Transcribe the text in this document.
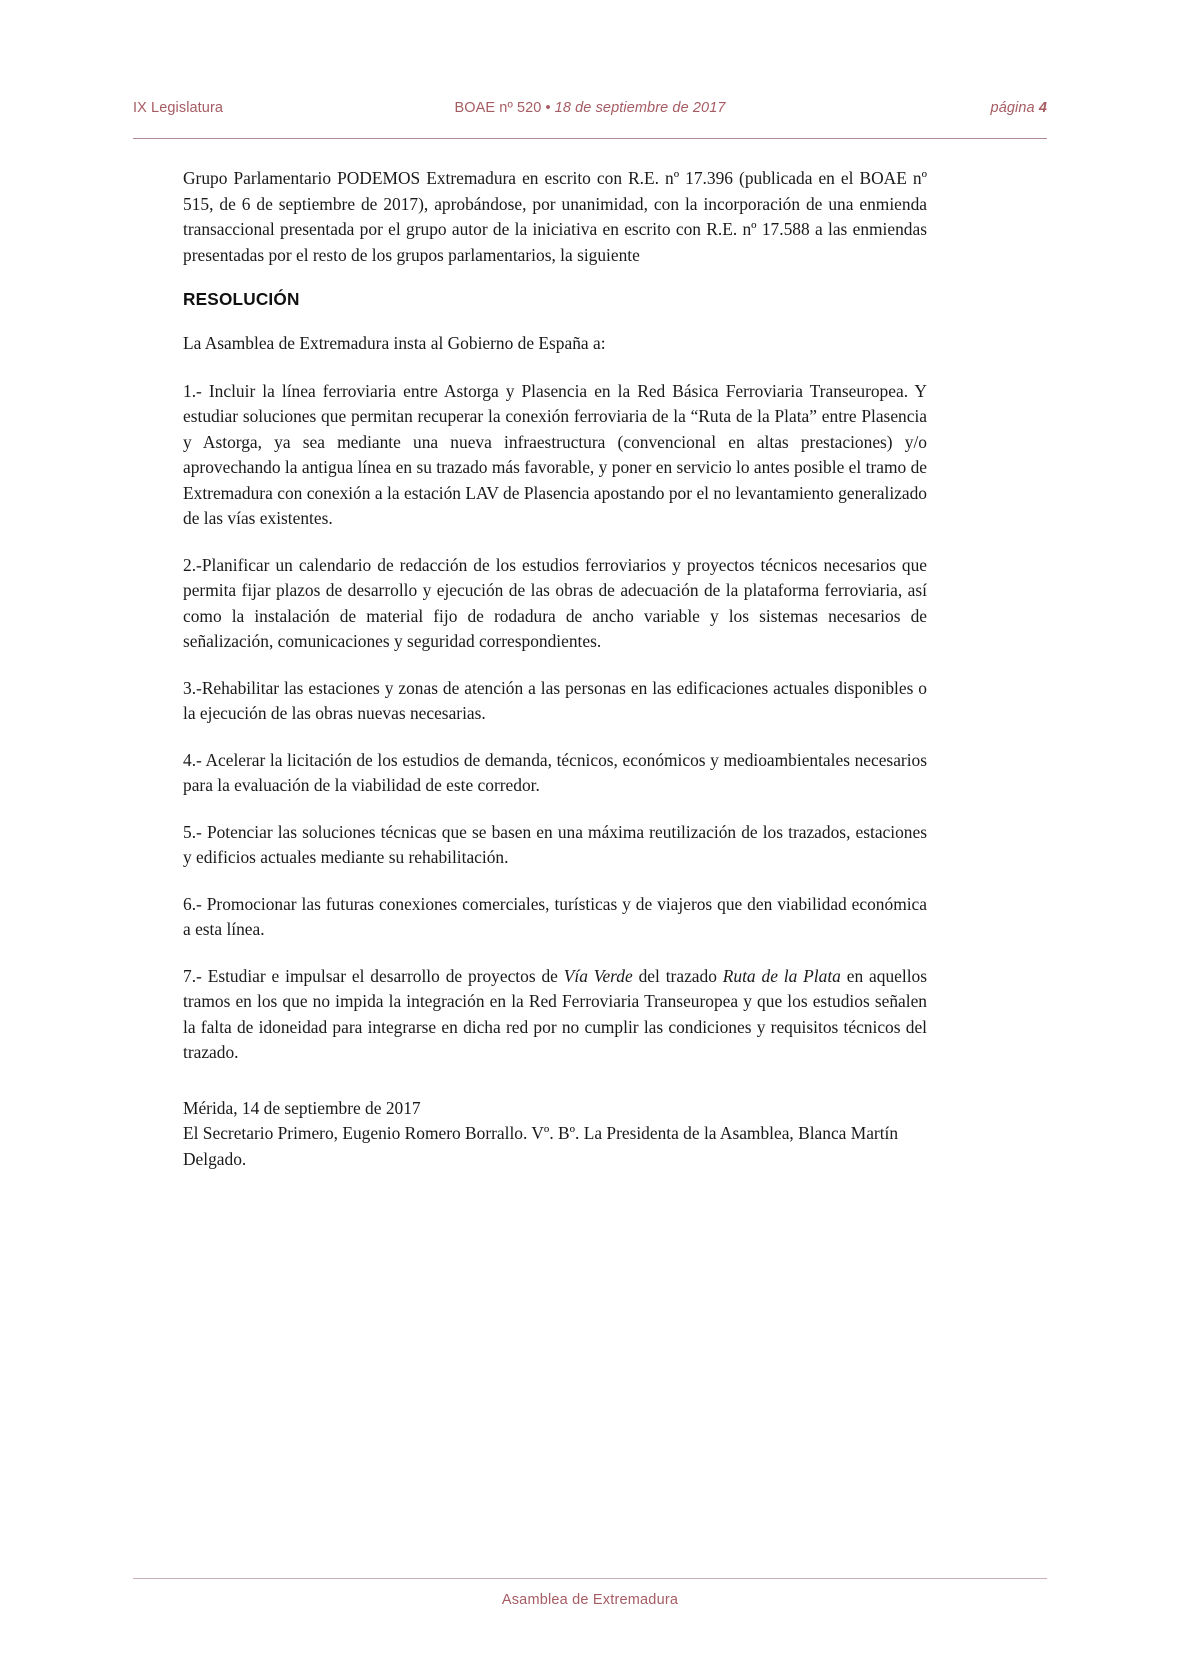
IX Legislatura	BOAE nº 520 • 18 de septiembre de 2017	página 4

Grupo Parlamentario PODEMOS Extremadura en escrito con R.E. nº 17.396 (publicada en el BOAE nº 515, de 6 de septiembre de 2017), aprobándose, por unanimidad, con la incorporación de una enmienda transaccional presentada por el grupo autor de la iniciativa en escrito con R.E. nº 17.588 a las enmiendas presentadas por el resto de los grupos parlamentarios, la siguiente

RESOLUCIÓN

La Asamblea de Extremadura insta al Gobierno de España a:

1.- Incluir la línea ferroviaria entre Astorga y Plasencia en la Red Básica Ferroviaria Transeuropea. Y estudiar soluciones que permitan recuperar la conexión ferroviaria de la “Ruta de la Plata” entre Plasencia y Astorga, ya sea mediante una nueva infraestructura (convencional en altas prestaciones) y/o aprovechando la antigua línea en su trazado más favorable, y poner en servicio lo antes posible el tramo de Extremadura con conexión a la estación LAV de Plasencia apostando por el no levantamiento generalizado de las vías existentes.

2.-Planificar un calendario de redacción de los estudios ferroviarios y proyectos técnicos necesarios que permita fijar plazos de desarrollo y ejecución de las obras de adecuación de la plataforma ferroviaria, así como la instalación de material fijo de rodadura de ancho variable y los sistemas necesarios de señalización, comunicaciones y seguridad correspondientes.

3.-Rehabilitar las estaciones y zonas de atención a las personas en las edificaciones actuales disponibles o la ejecución de las obras nuevas necesarias.

4.- Acelerar la licitación de los estudios de demanda, técnicos, económicos y medioambientales necesarios para la evaluación de la viabilidad de este corredor.

5.- Potenciar las soluciones técnicas que se basen en una máxima reutilización de los trazados, estaciones y edificios actuales mediante su rehabilitación.

6.- Promocionar las futuras conexiones comerciales, turísticas y de viajeros que den viabilidad económica a esta línea.

7.- Estudiar e impulsar el desarrollo de proyectos de Vía Verde del trazado Ruta de la Plata en aquellos tramos en los que no impida la integración en la Red Ferroviaria Transeuropea y que los estudios señalen la falta de idoneidad para integrarse en dicha red por no cumplir las condiciones y requisitos técnicos del trazado.

Mérida, 14 de septiembre de 2017
El Secretario Primero, Eugenio Romero Borrallo. Vº. Bº. La Presidenta de la Asamblea, Blanca Martín Delgado.
Asamblea de Extremadura
